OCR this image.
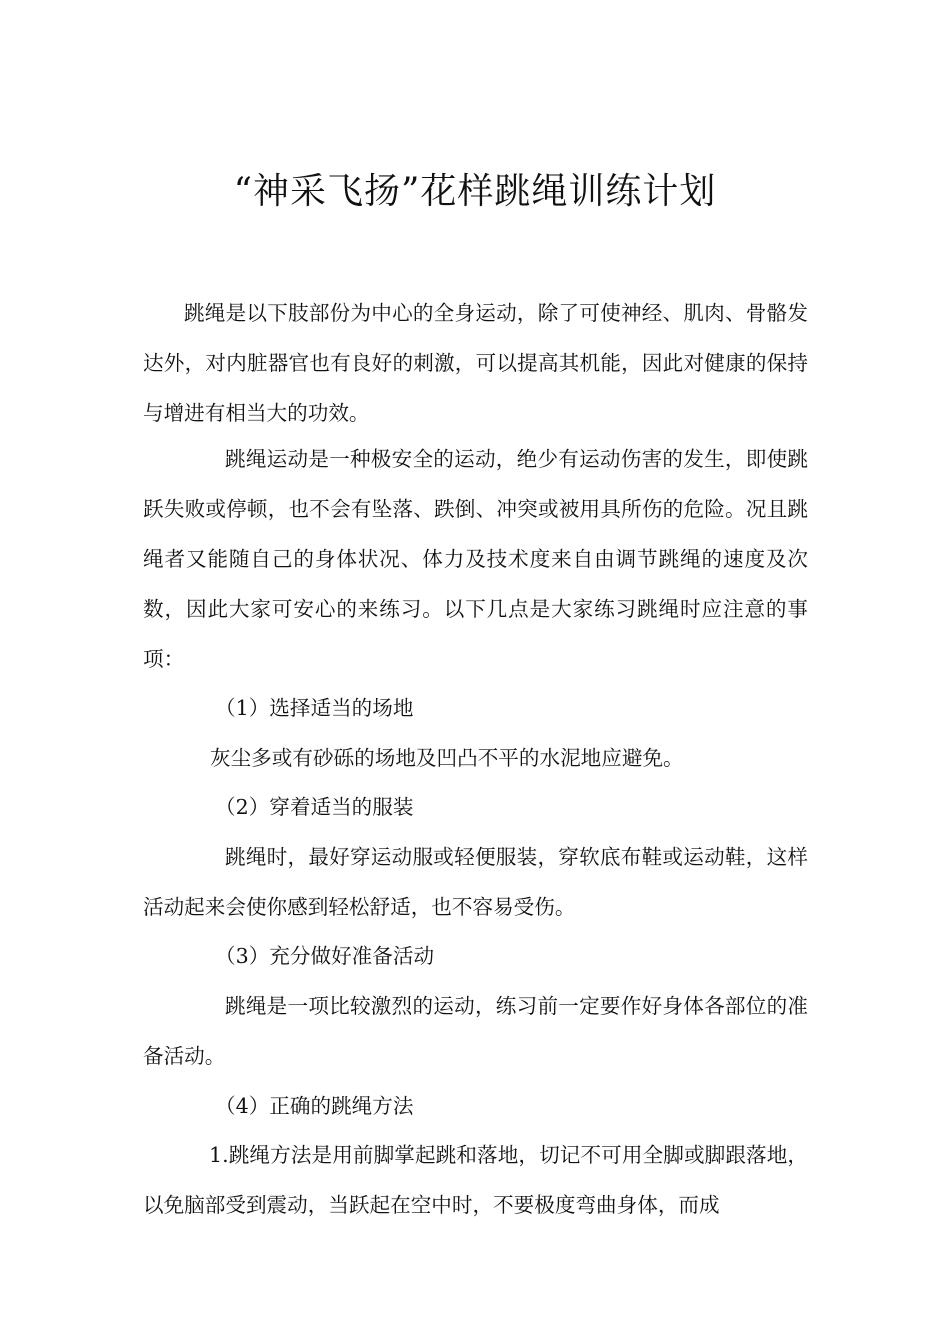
“神采飞扬”花样跳绳训练计划

跳绳是以下肢部份为中心的全身运动，除了可使神经、肌肉、骨骼发达外，对内脏器官也有良好的刺激，可以提高其机能，因此对健康的保持与增进有相当大的功效。

跳绳运动是一种极安全的运动，绝少有运动伤害的发生，即使跳跃失败或停顿，也不会有坠落、跌倒、冲突或被用具所伤的危险。况且跳绳者又能随自己的身体状况、体力及技术度来自由调节跳绳的速度及次数，因此大家可安心的来练习。以下几点是大家练习跳绳时应注意的事项：

（1）选择适当的场地
灰尘多或有砂砾的场地及凹凸不平的水泥地应避免。
（2）穿着适当的服装

跳绳时，最好穿运动服或轻便服装，穿软底布鞋或运动鞋，这样活动起来会使你感到轻松舒适，也不容易受伤。

（3）充分做好准备活动

跳绳是一项比较激烈的运动，练习前一定要作好身体各部位的准备活动。

（4）正确的跳绳方法

1.跳绳方法是用前脚掌起跳和落地，切记不可用全脚或脚跟落地，以免脑部受到震动，当跃起在空中时，不要极度弯曲身体，而成
